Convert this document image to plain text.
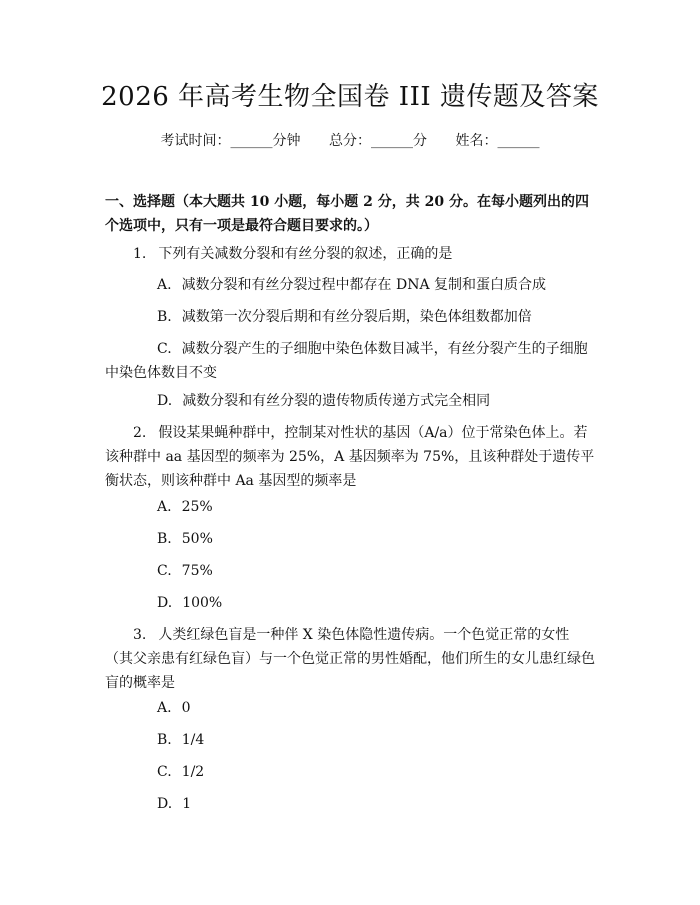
2026 年高考生物全国卷 III 遗传题及答案
考试时间：______分钟 总分：______分 姓名：______
一、选择题（本大题共 10 小题，每小题 2 分，共 20 分。在每小题列出的四个选项中，只有一项是最符合题目要求的。）
1. 下列有关减数分裂和有丝分裂的叙述，正确的是
A. 减数分裂和有丝分裂过程中都存在 DNA 复制和蛋白质合成
B. 减数第一次分裂后期和有丝分裂后期，染色体组数都加倍
C. 减数分裂产生的子细胞中染色体数目减半，有丝分裂产生的子细胞中染色体数目不变
D. 减数分裂和有丝分裂的遗传物质传递方式完全相同
2. 假设某果蝇种群中，控制某对性状的基因（A/a）位于常染色体上。若该种群中 aa 基因型的频率为 25%，A 基因频率为 75%，且该种群处于遗传平衡状态，则该种群中 Aa 基因型的频率是
A. 25%
B. 50%
C. 75%
D. 100%
3. 人类红绿色盲是一种伴 X 染色体隐性遗传病。一个色觉正常的女性（其父亲患有红绿色盲）与一个色觉正常的男性婚配，他们所生的女儿患红绿色盲的概率是
A. 0
B. 1/4
C. 1/2
D. 1
